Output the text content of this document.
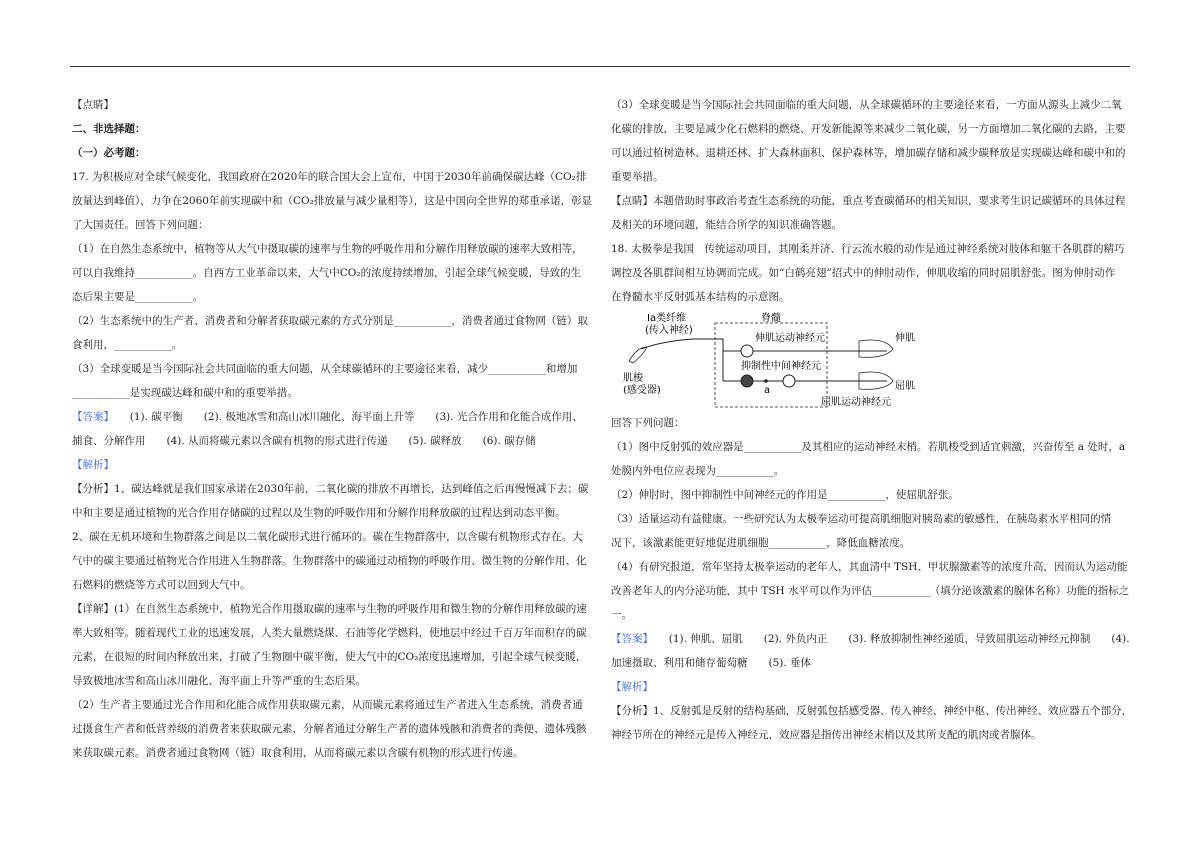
【点睛】

二、非选择题：

（一）必考题：

17. 为积极应对全球气候变化，我国政府在2020年的联合国大会上宣布，中国于2030年前确保碳达峰（CO₂排

放量达到峰值），力争在2060年前实现碳中和（CO₂排放量与减少量相等），这是中国向全世界的郑重承诺，彰显

了大国责任。回答下列问题：

（1）在自然生态系统中，植物等从大气中摄取碳的速率与生物的呼吸作用和分解作用释放碳的速率大致相等，

可以自我维持___________。自西方工业革命以来，大气中CO₂的浓度持续增加，引起全球气候变暖，导致的生

态后果主要是___________。

（2）生态系统中的生产者、消费者和分解者获取碳元素的方式分别是___________，消费者通过食物网（链）取

食利用，___________。

（3）全球变暖是当今国际社会共同面临的重大问题，从全球碳循环的主要途径来看，减少___________和增加

___________是实现碳达峰和碳中和的重要举措。

【答案】　　(1). 碳平衡　　(2). 极地冰雪和高山冰川融化、海平面上升等　　(3). 光合作用和化能合成作用、

捕食、分解作用　　(4). 从而将碳元素以含碳有机物的形式进行传递　　(5). 碳释放　　(6). 碳存储

【解析】

【分析】1、碳达峰就是我们国家承诺在2030年前，二氧化碳的排放不再增长，达到峰值之后再慢慢减下去；碳

中和主要是通过植物的光合作用存储碳的过程以及生物的呼吸作用和分解作用释放碳的过程达到动态平衡。

2、碳在无机环境和生物群落之间是以二氧化碳形式进行循环的。碳在生物群落中，以含碳有机物形式存在。大

气中的碳主要通过植物光合作用进入生物群落。生物群落中的碳通过动植物的呼吸作用、微生物的分解作用、化

石燃料的燃烧等方式可以回到大气中。

【详解】(1）在自然生态系统中，植物光合作用摄取碳的速率与生物的呼吸作用和微生物的分解作用释放碳的速

率大致相等。随着现代工业的迅速发展，人类大量燃烧煤、石油等化学燃料，使地层中经过千百万年而积存的碳

元素，在很短的时间内释放出来，打破了生物圈中碳平衡，使大气中的CO₂浓度迅速增加，引起全球气候变暖，

导致极地冰雪和高山冰川融化、海平面上升等严重的生态后果。

（2）生产者主要通过光合作用和化能合成作用获取碳元素，从而碳元素将通过生产者进入生态系统，消费者通

过摄食生产者和低营养级的消费者来获取碳元素，分解者通过分解生产者的遗体残骸和消费者的粪便、遗体残骸

来获取碳元素。消费者通过食物网（链）取食利用，从而将碳元素以含碳有机物的形式进行传递。

（3）全球变暖是当今国际社会共同面临的重大问题，从全球碳循环的主要途径来看，一方面从源头上减少二氧

化碳的排放，主要是减少化石燃料的燃烧、开发新能源等来减少二氧化碳，另一方面增加二氧化碳的去路，主要

可以通过植树造林、退耕还林、扩大森林面积、保护森林等，增加碳存储和减少碳释放是实现碳达峰和碳中和的

重要举措。

【点睛】本题借助时事政治考查生态系统的功能，重点考查碳循环的相关知识，要求考生识记碳循环的具体过程

及相关的环境问题，能结合所学的知识准确答题。

18. 太极拳是我国　传统运动项目，其刚柔并济、行云流水般的动作是通过神经系统对肢体和躯干各肌群的精巧

调控及各肌群间相互协调而完成。如“白鹤亮翅”招式中的伸肘动作，伸肌收缩的同时屈肌舒张。图为伸肘动作

在脊髓水平反射弧基本结构的示意图。

Ⅰa类纤维
(传入神经)
脊髓
伸肌运动神经元
抑制性中间神经元
a
肌梭
(感受器)
屈肌运动神经元
伸肌
屈肌

回答下列问题：

（1）图中反射弧的效应器是___________及其相应的运动神经末梢。若肌梭受到适宜刺激，兴奋传至 a 处时，a

处膜内外电位应表现为___________。

（2）伸肘时，图中抑制性中间神经元的作用是___________，使屈肌舒张。

（3）适量运动有益健康。一些研究认为太极拳运动可提高肌细胞对胰岛素的敏感性，在胰岛素水平相同的情

况下，该激素能更好地促进肌细胞___________，降低血糖浓度。

（4）有研究报道，常年坚持太极拳运动的老年人，其血清中 TSH、甲状腺激素等的浓度升高，因而认为运动能

改善老年人的内分泌功能，其中 TSH 水平可以作为评估___________（填分泌该激素的腺体名称）功能的指标之

一。

【答案】　　(1). 伸肌、屈肌　　(2). 外负内正　　(3). 释放抑制性神经递质，导致屈肌运动神经元抑制　　(4).

加速摄取、利用和储存葡萄糖　　(5). 垂体

【解析】

【分析】1、反射弧是反射的结构基础，反射弧包括感受器、传入神经、神经中枢、传出神经、效应器五个部分，

神经节所在的神经元是传入神经元，效应器是指传出神经末梢以及其所支配的肌肉或者腺体。
